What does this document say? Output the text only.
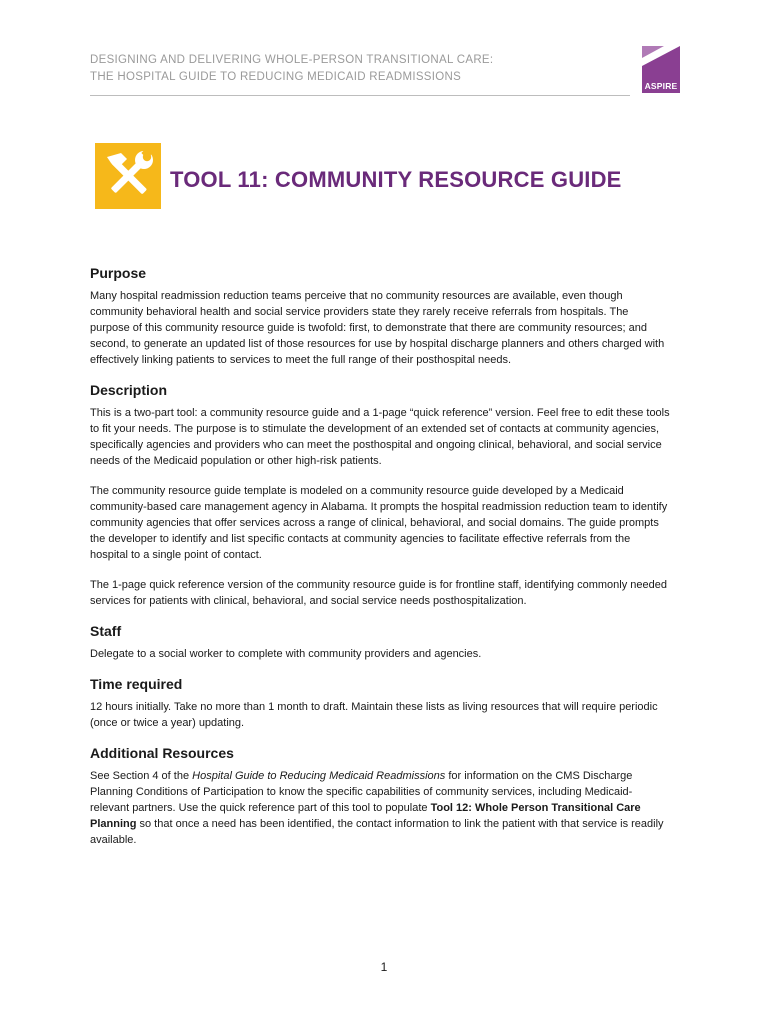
DESIGNING AND DELIVERING WHOLE-PERSON TRANSITIONAL CARE:
THE HOSPITAL GUIDE TO REDUCING MEDICAID READMISSIONS
ASPIRE
TOOL 11: COMMUNITY RESOURCE GUIDE
Purpose

Many hospital readmission reduction teams perceive that no community resources are available, even though community behavioral health and social service providers state they rarely receive referrals from hospitals. The purpose of this community resource guide is twofold: first, to demonstrate that there are community resources; and second, to generate an updated list of those resources for use by hospital discharge planners and others charged with effectively linking patients to services to meet the full range of their posthospital needs.

Description

This is a two-part tool: a community resource guide and a 1-page “quick reference” version. Feel free to edit these tools to fit your needs. The purpose is to stimulate the development of an extended set of contacts at community agencies, specifically agencies and providers who can meet the posthospital and ongoing clinical, behavioral, and social service needs of the Medicaid population or other high-risk patients.

The community resource guide template is modeled on a community resource guide developed by a Medicaid community-based care management agency in Alabama. It prompts the hospital readmission reduction team to identify community agencies that offer services across a range of clinical, behavioral, and social domains. The guide prompts the developer to identify and list specific contacts at community agencies to facilitate effective referrals from the hospital to a single point of contact.

The 1-page quick reference version of the community resource guide is for frontline staff, identifying commonly needed services for patients with clinical, behavioral, and social service needs posthospitalization.

Staff

Delegate to a social worker to complete with community providers and agencies.

Time required

12 hours initially. Take no more than 1 month to draft. Maintain these lists as living resources that will require periodic (once or twice a year) updating.

Additional Resources

See Section 4 of the Hospital Guide to Reducing Medicaid Readmissions for information on the CMS Discharge Planning Conditions of Participation to know the specific capabilities of community services, including Medicaid-relevant partners. Use the quick reference part of this tool to populate Tool 12: Whole Person Transitional Care Planning so that once a need has been identified, the contact information to link the patient with that service is readily available.

1
